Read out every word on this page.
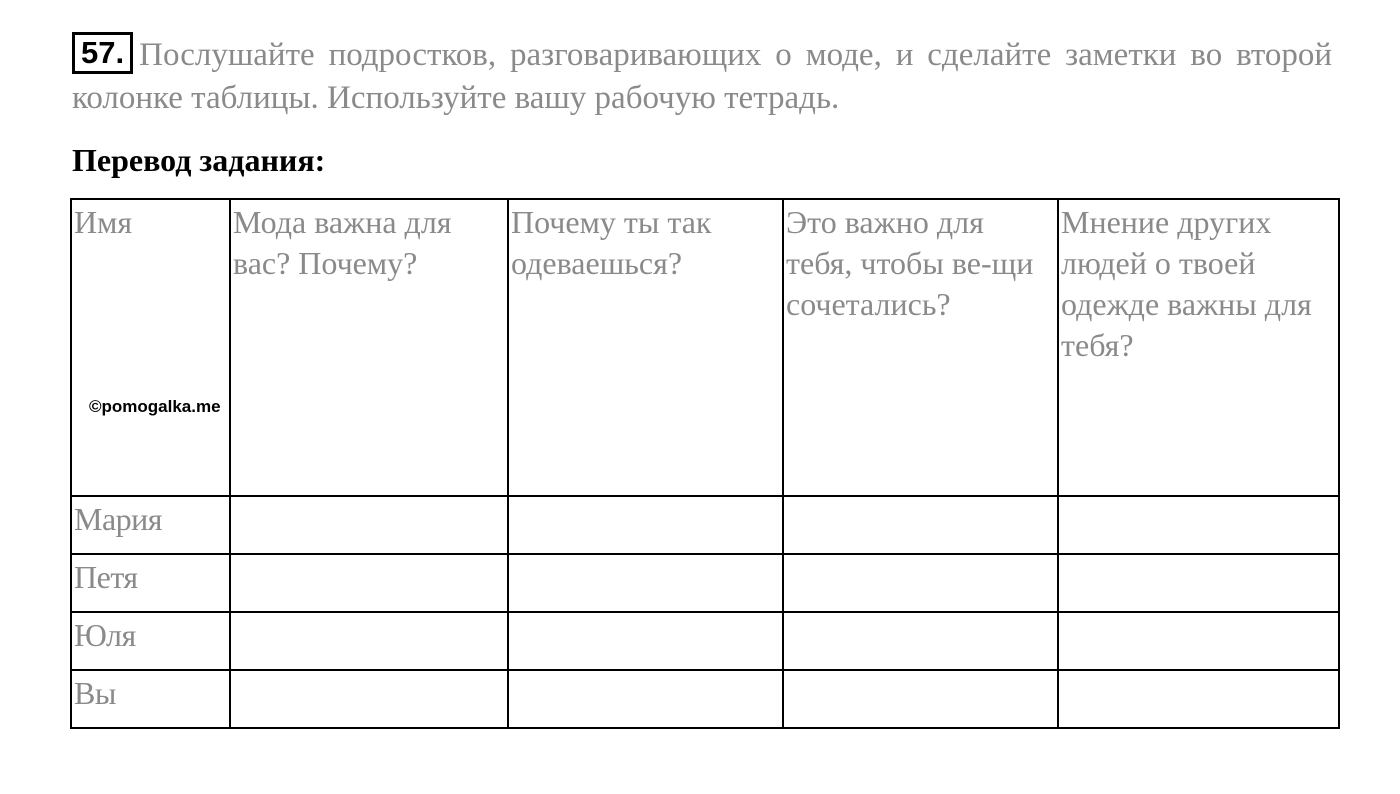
57. Послушайте подростков, разговаривающих о моде, и сделайте заметки во второй колонке таблицы. Используйте вашу рабочую тетрадь.

Перевод задания:

Имя	Мода важна для вас? Почему?	Почему ты так одеваешься?	Это важно для тебя, чтобы ве-щи сочетались?	Мнение других людей о твоей одежде важны для тебя?
Мария				
Петя				
Юля				
Вы				
©pomogalka.me
